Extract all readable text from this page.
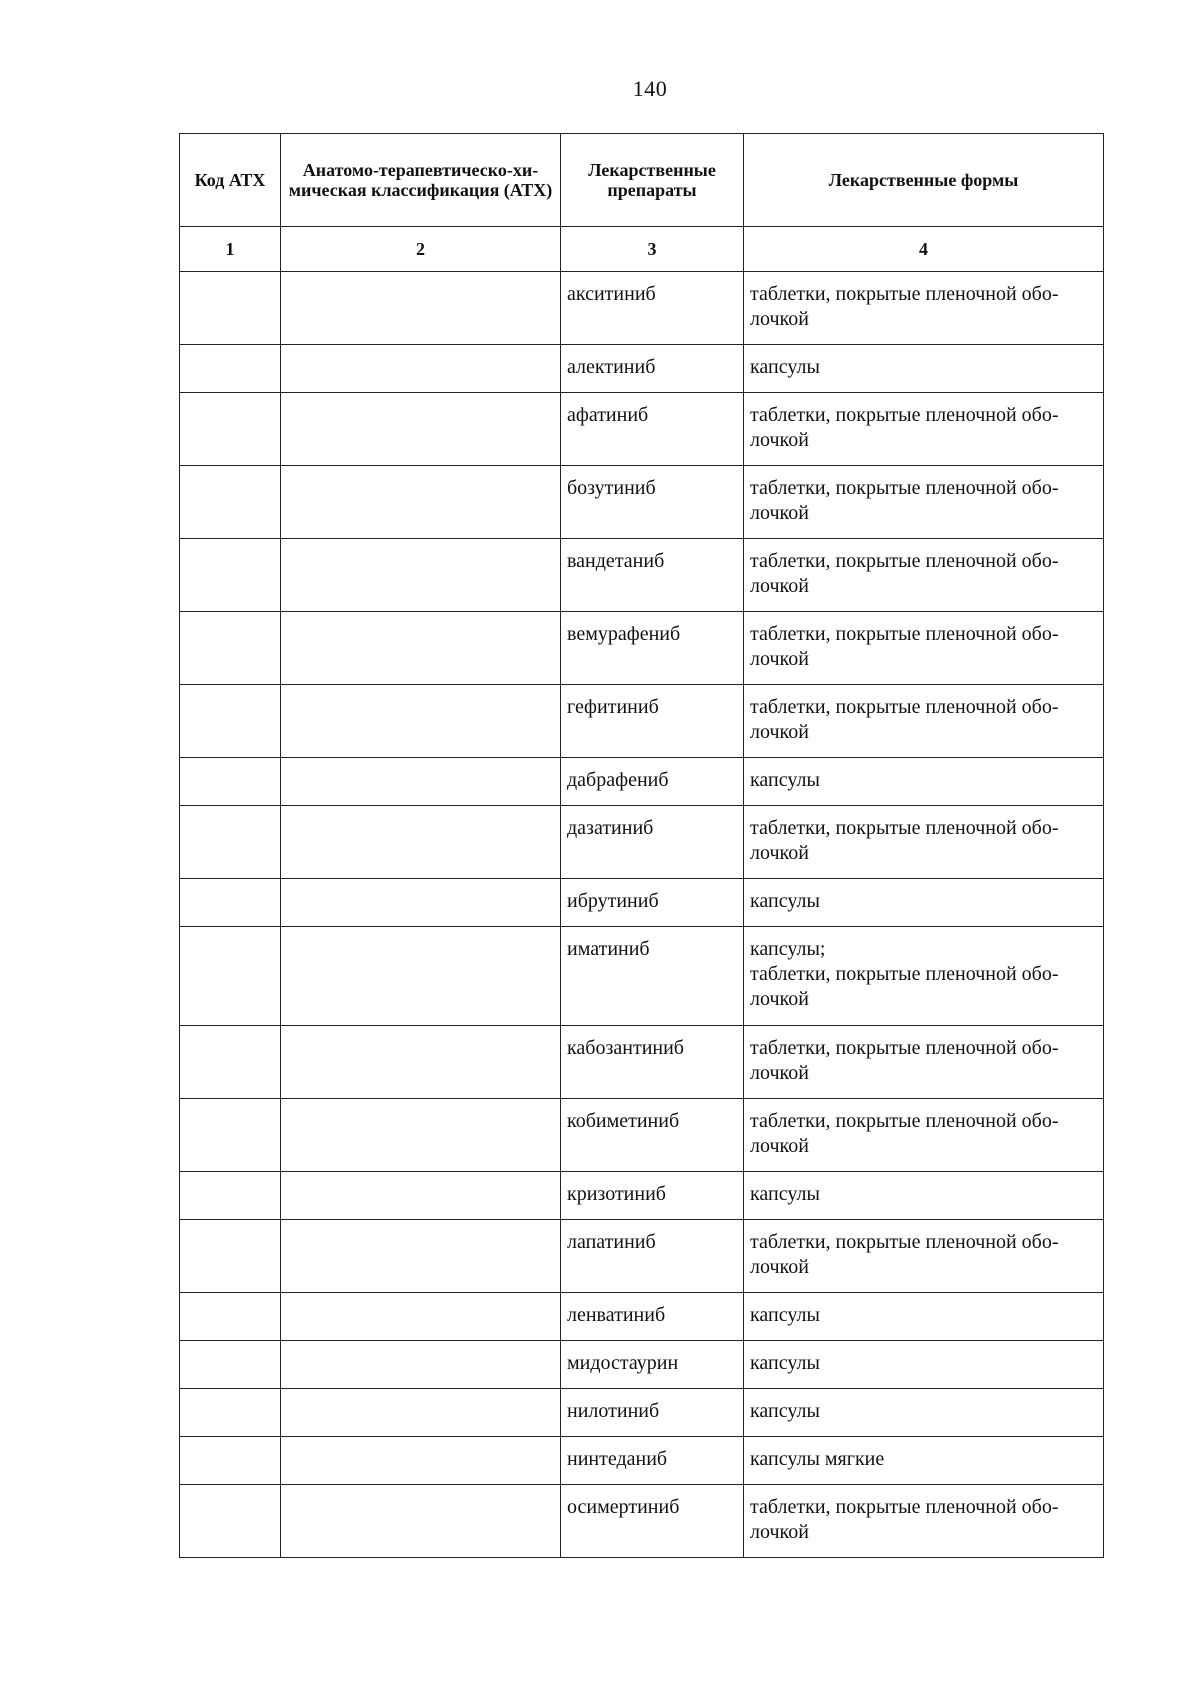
140
Код АТХ	Анатомо-терапевтическо-хи-мическая классификация (АТХ)	Лекарственные препараты	Лекарственные формы
1	2	3	4
		акситиниб	таблетки, покрытые пленочной обо-
лочкой
		алектиниб	капсулы
		афатиниб	таблетки, покрытые пленочной обо-
лочкой
		бозутиниб	таблетки, покрытые пленочной обо-
лочкой
		вандетаниб	таблетки, покрытые пленочной обо-
лочкой
		вемурафениб	таблетки, покрытые пленочной обо-
лочкой
		гефитиниб	таблетки, покрытые пленочной обо-
лочкой
		дабрафениб	капсулы
		дазатиниб	таблетки, покрытые пленочной обо-
лочкой
		ибрутиниб	капсулы
		иматиниб	капсулы;
таблетки, покрытые пленочной обо-
лочкой
		кабозантиниб	таблетки, покрытые пленочной обо-
лочкой
		кобиметиниб	таблетки, покрытые пленочной обо-
лочкой
		кризотиниб	капсулы
		лапатиниб	таблетки, покрытые пленочной обо-
лочкой
		ленватиниб	капсулы
		мидостаурин	капсулы
		нилотиниб	капсулы
		нинтеданиб	капсулы мягкие
		осимертиниб	таблетки, покрытые пленочной обо-
лочкой
